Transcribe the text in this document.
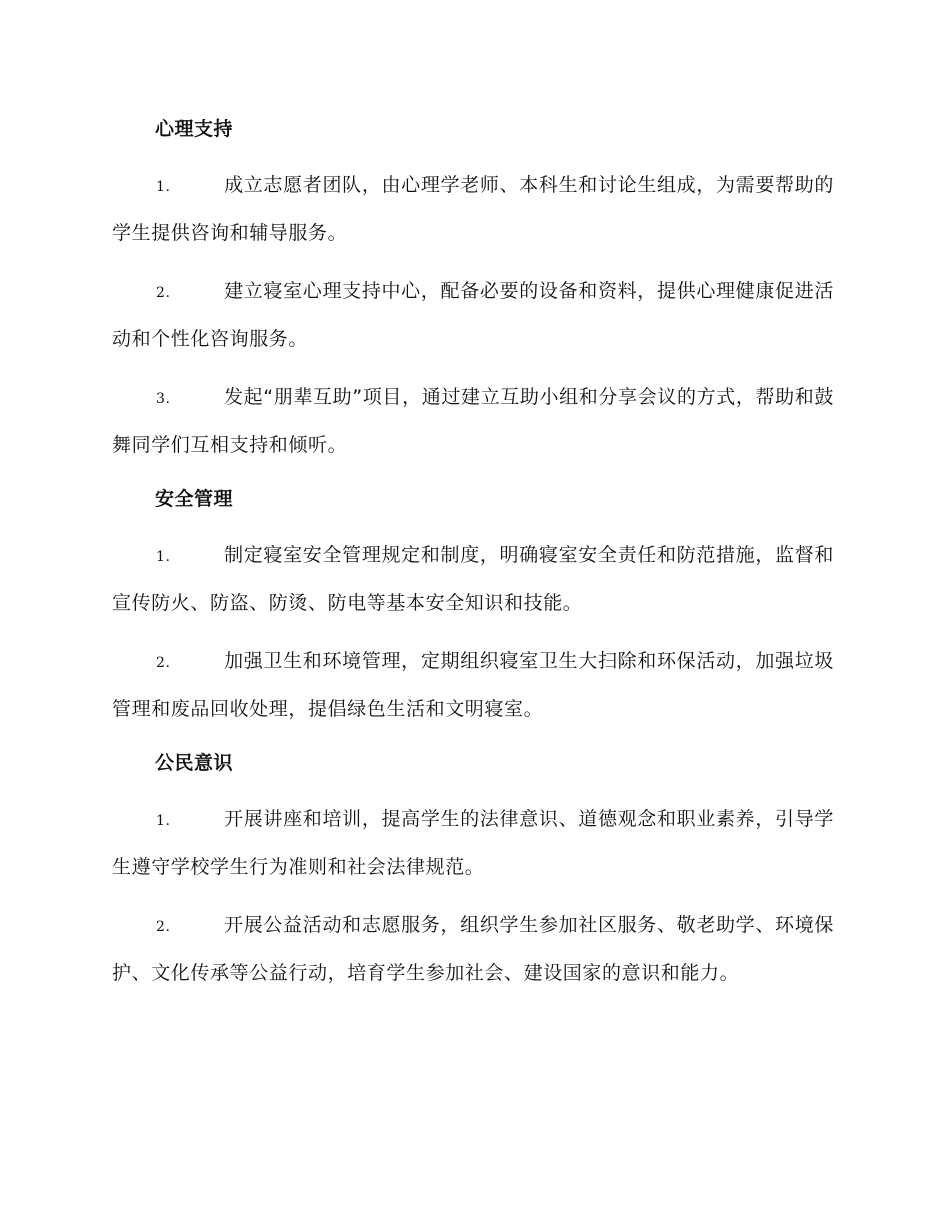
心理支持
1.	成立志愿者团队，由心理学老师、本科生和讨论生组成，为需要帮助的学生提供咨询和辅导服务。
2.	建立寝室心理支持中心，配备必要的设备和资料，提供心理健康促进活动和个性化咨询服务。
3.	发起“朋辈互助”项目，通过建立互助小组和分享会议的方式，帮助和鼓舞同学们互相支持和倾听。
安全管理
1.	制定寝室安全管理规定和制度，明确寝室安全责任和防范措施，监督和宣传防火、防盗、防烫、防电等基本安全知识和技能。
2.	加强卫生和环境管理，定期组织寝室卫生大扫除和环保活动，加强垃圾管理和废品回收处理，提倡绿色生活和文明寝室。
公民意识
1.	开展讲座和培训，提高学生的法律意识、道德观念和职业素养，引导学生遵守学校学生行为准则和社会法律规范。
2.	开展公益活动和志愿服务，组织学生参加社区服务、敬老助学、环境保护、文化传承等公益行动，培育学生参加社会、建设国家的意识和能力。
